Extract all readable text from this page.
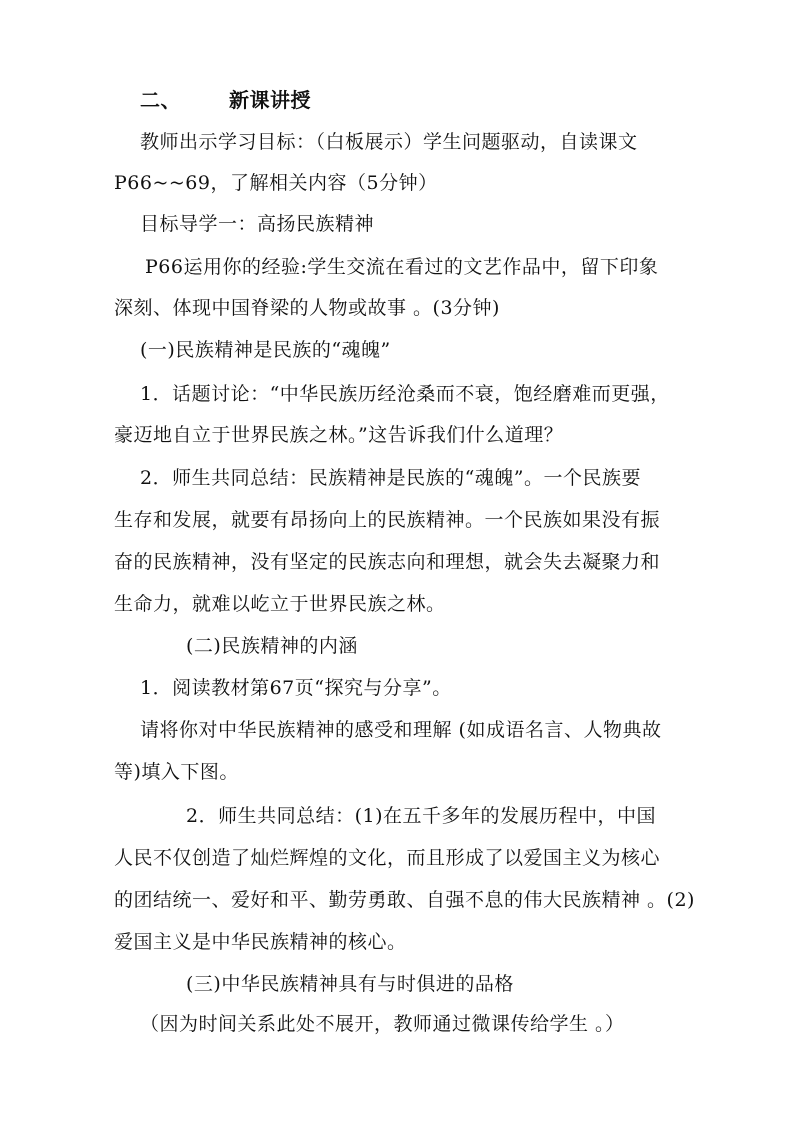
二、 新课讲授
教师出示学习目标：（白板展示）学生问题驱动，自读课文
P66~~69，了解相关内容（5分钟）
目标导学一：高扬民族精神
P66运用你的经验:学生交流在看过的文艺作品中，留下印象
深刻、体现中国脊梁的人物或故事 。(3分钟)
(一)民族精神是民族的“魂魄”
1．话题讨论：“中华民族历经沧桑而不衰，饱经磨难而更强，
豪迈地自立于世界民族之林。”这告诉我们什么道理？
2．师生共同总结：民族精神是民族的“魂魄”。一个民族要
生存和发展，就要有昂扬向上的民族精神。一个民族如果没有振
奋的民族精神，没有坚定的民族志向和理想，就会失去凝聚力和
生命力，就难以屹立于世界民族之林。
(二)民族精神的内涵
1．阅读教材第67页“探究与分享”。
请将你对中华民族精神的感受和理解 (如成语名言、人物典故
等)填入下图。
2．师生共同总结：(1)在五千多年的发展历程中，中国
人民不仅创造了灿烂辉煌的文化，而且形成了以爱国主义为核心
的团结统一、爱好和平、勤劳勇敢、自强不息的伟大民族精神 。(2)
爱国主义是中华民族精神的核心。
(三)中华民族精神具有与时俱进的品格
（因为时间关系此处不展开，教师通过微课传给学生 。）
